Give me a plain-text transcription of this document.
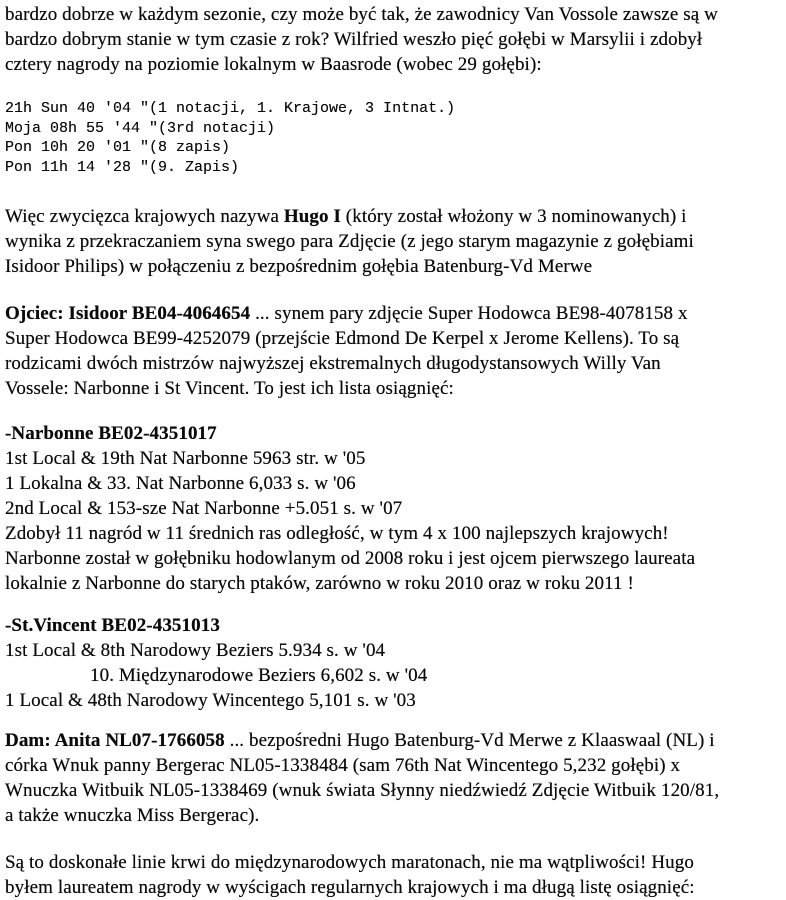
bardzo dobrze w każdym sezonie, czy może być tak, że zawodnicy Van Vossole zawsze są w
bardzo dobrym stanie w tym czasie z rok? Wilfried weszło pięć gołębi w Marsylii i zdobył
cztery nagrody na poziomie lokalnym w Baasrode (wobec 29 gołębi):
21h Sun 40 '04 "(1 notacji, 1. Krajowe, 3 Intnat.)
Moja 08h 55 '44 "(3rd notacji)
Pon 10h 20 '01 "(8 zapis)
Pon 11h 14 '28 "(9. Zapis)
Więc zwycięzca krajowych nazywa Hugo I (który został włożony w 3 nominowanych) i
wynika z przekraczaniem syna swego para Zdjęcie (z jego starym magazynie z gołębiami
Isidoor Philips) w połączeniu z bezpośrednim gołębia Batenburg-Vd Merwe
Ojciec: Isidoor BE04-4064654 ... synem pary zdjęcie Super Hodowca BE98-4078158 x
Super Hodowca BE99-4252079 (przejście Edmond De Kerpel x Jerome Kellens). To są
rodzicami dwóch mistrzów najwyższej ekstremalnych długodystansowych Willy Van
Vossele: Narbonne i St Vincent. To jest ich lista osiągnięć:
-Narbonne BE02-4351017
1st Local & 19th Nat Narbonne 5963 str. w '05
1 Lokalna & 33. Nat Narbonne 6,033 s. w '06
2nd Local & 153-sze Nat Narbonne +5.051 s. w '07
Zdobył 11 nagród w 11 średnich ras odległość, w tym 4 x 100 najlepszych krajowych!
Narbonne został w gołębniku hodowlanym od 2008 roku i jest ojcem pierwszego laureata
lokalnie z Narbonne do starych ptaków, zarówno w roku 2010 oraz w roku 2011 !
-St.Vincent BE02-4351013
1st Local & 8th Narodowy Beziers 5.934 s. w '04
10. Międzynarodowe Beziers 6,602 s. w '04
1 Local & 48th Narodowy Wincentego 5,101 s. w '03
Dam: Anita NL07-1766058 ... bezpośredni Hugo Batenburg-Vd Merwe z Klaaswaal (NL) i
córka Wnuk panny Bergerac NL05-1338484 (sam 76th Nat Wincentego 5,232 gołębi) x
Wnuczka Witbuik NL05-1338469 (wnuk świata Słynny niedźwiedź Zdjęcie Witbuik 120/81,
a także wnuczka Miss Bergerac).
Są to doskonałe linie krwi do międzynarodowych maratonach, nie ma wątpliwości! Hugo
byłem laureatem nagrody w wyścigach regularnych krajowych i ma długą listę osiągnięć:
